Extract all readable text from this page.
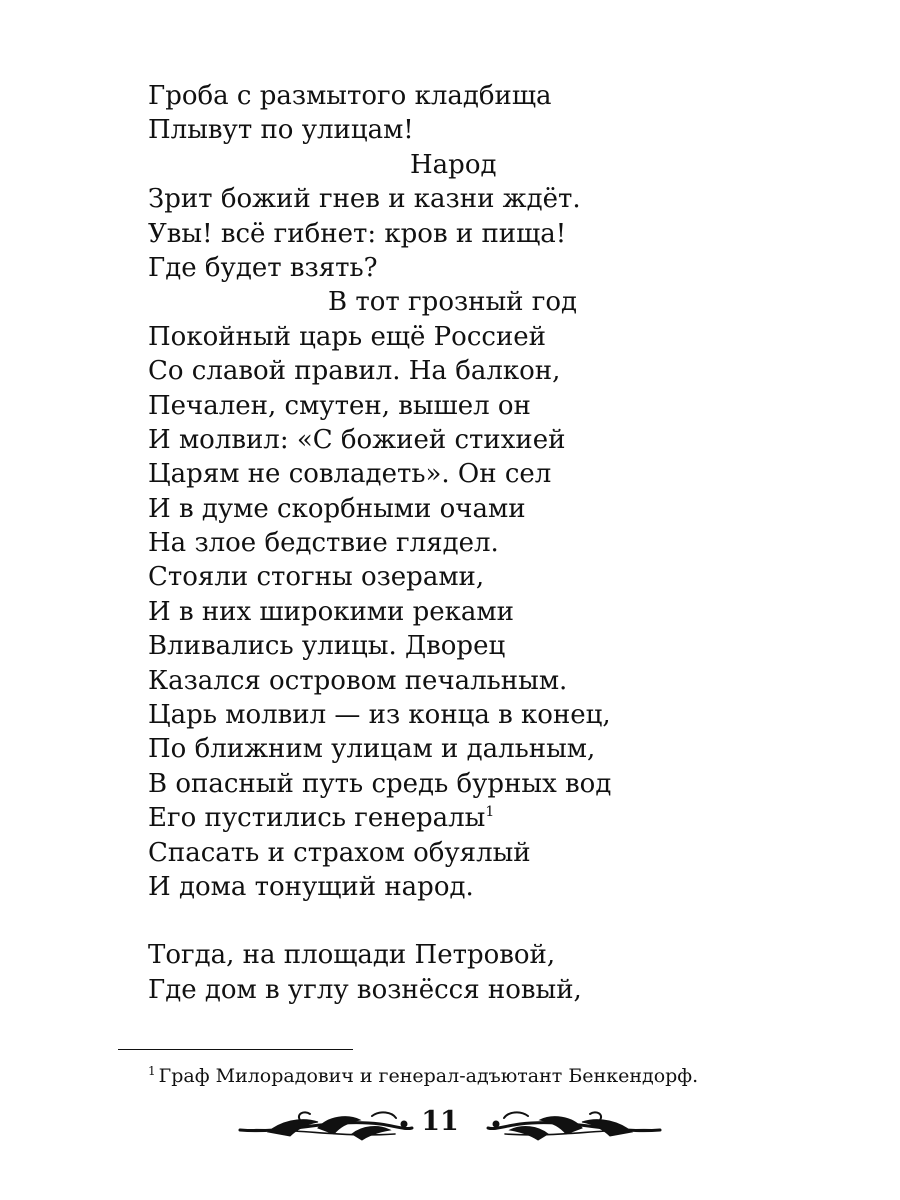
Гроба с размытого кладбища
Плывут по улицам!
Народ
Зрит божий гнев и казни ждёт.
Увы! всё гибнет: кров и пища!
Где будет взять?
В тот грозный год
Покойный царь ещё Россией
Со славой правил. На балкон,
Печален, смутен, вышел он
И молвил: «С божией стихией
Царям не совладеть». Он сел
И в думе скорбными очами
На злое бедствие глядел.
Стояли стогны озерами,
И в них широкими реками
Вливались улицы. Дворец
Казался островом печальным.
Царь молвил — из конца в конец,
По ближним улицам и дальным,
В опасный путь средь бурных вод
Его пустились генералы$^1$
Спасать и страхом обуялый
И дома тонущий народ.
Тогда, на площади Петровой,
Где дом в углу вознёсся новый,
$^1$ Граф Милорадович и генерал-адъютант Бенкендорф.
11
